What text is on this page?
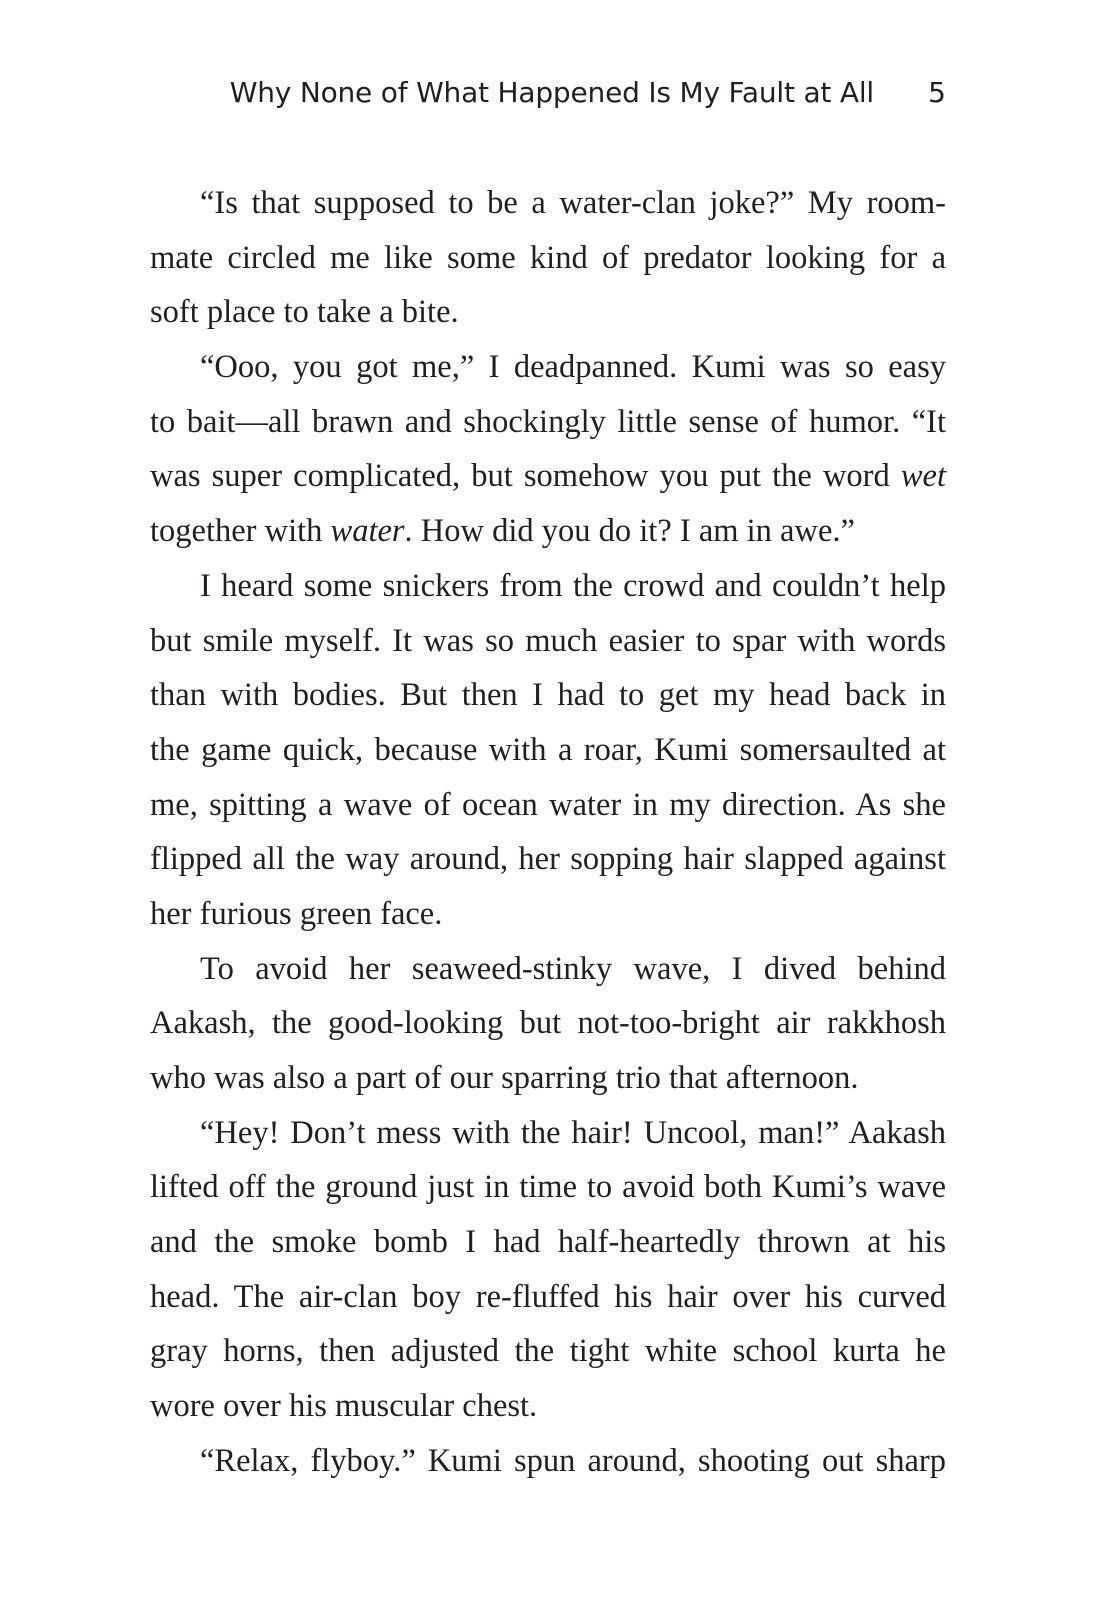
Why None of What Happened Is My Fault at All 5
“Is that supposed to be a water-clan joke?” My room-
mate circled me like some kind of predator looking for a
soft place to take a bite.
“Ooo, you got me,” I deadpanned. Kumi was so easy
to bait—all brawn and shockingly little sense of humor. “It
was super complicated, but somehow you put the word wet
together with water. How did you do it? I am in awe.”
I heard some snickers from the crowd and couldn’t help
but smile myself. It was so much easier to spar with words
than with bodies. But then I had to get my head back in
the game quick, because with a roar, Kumi somersaulted at
me, spitting a wave of ocean water in my direction. As she
flipped all the way around, her sopping hair slapped against
her furious green face.
To avoid her seaweed-stinky wave, I dived behind
Aakash, the good-looking but not-too-bright air rakkhosh
who was also a part of our sparring trio that afternoon.
“Hey! Don’t mess with the hair! Uncool, man!” Aakash
lifted off the ground just in time to avoid both Kumi’s wave
and the smoke bomb I had half-heartedly thrown at his
head. The air-clan boy re-fluffed his hair over his curved
gray horns, then adjusted the tight white school kurta he
wore over his muscular chest.
“Relax, flyboy.” Kumi spun around, shooting out sharp
